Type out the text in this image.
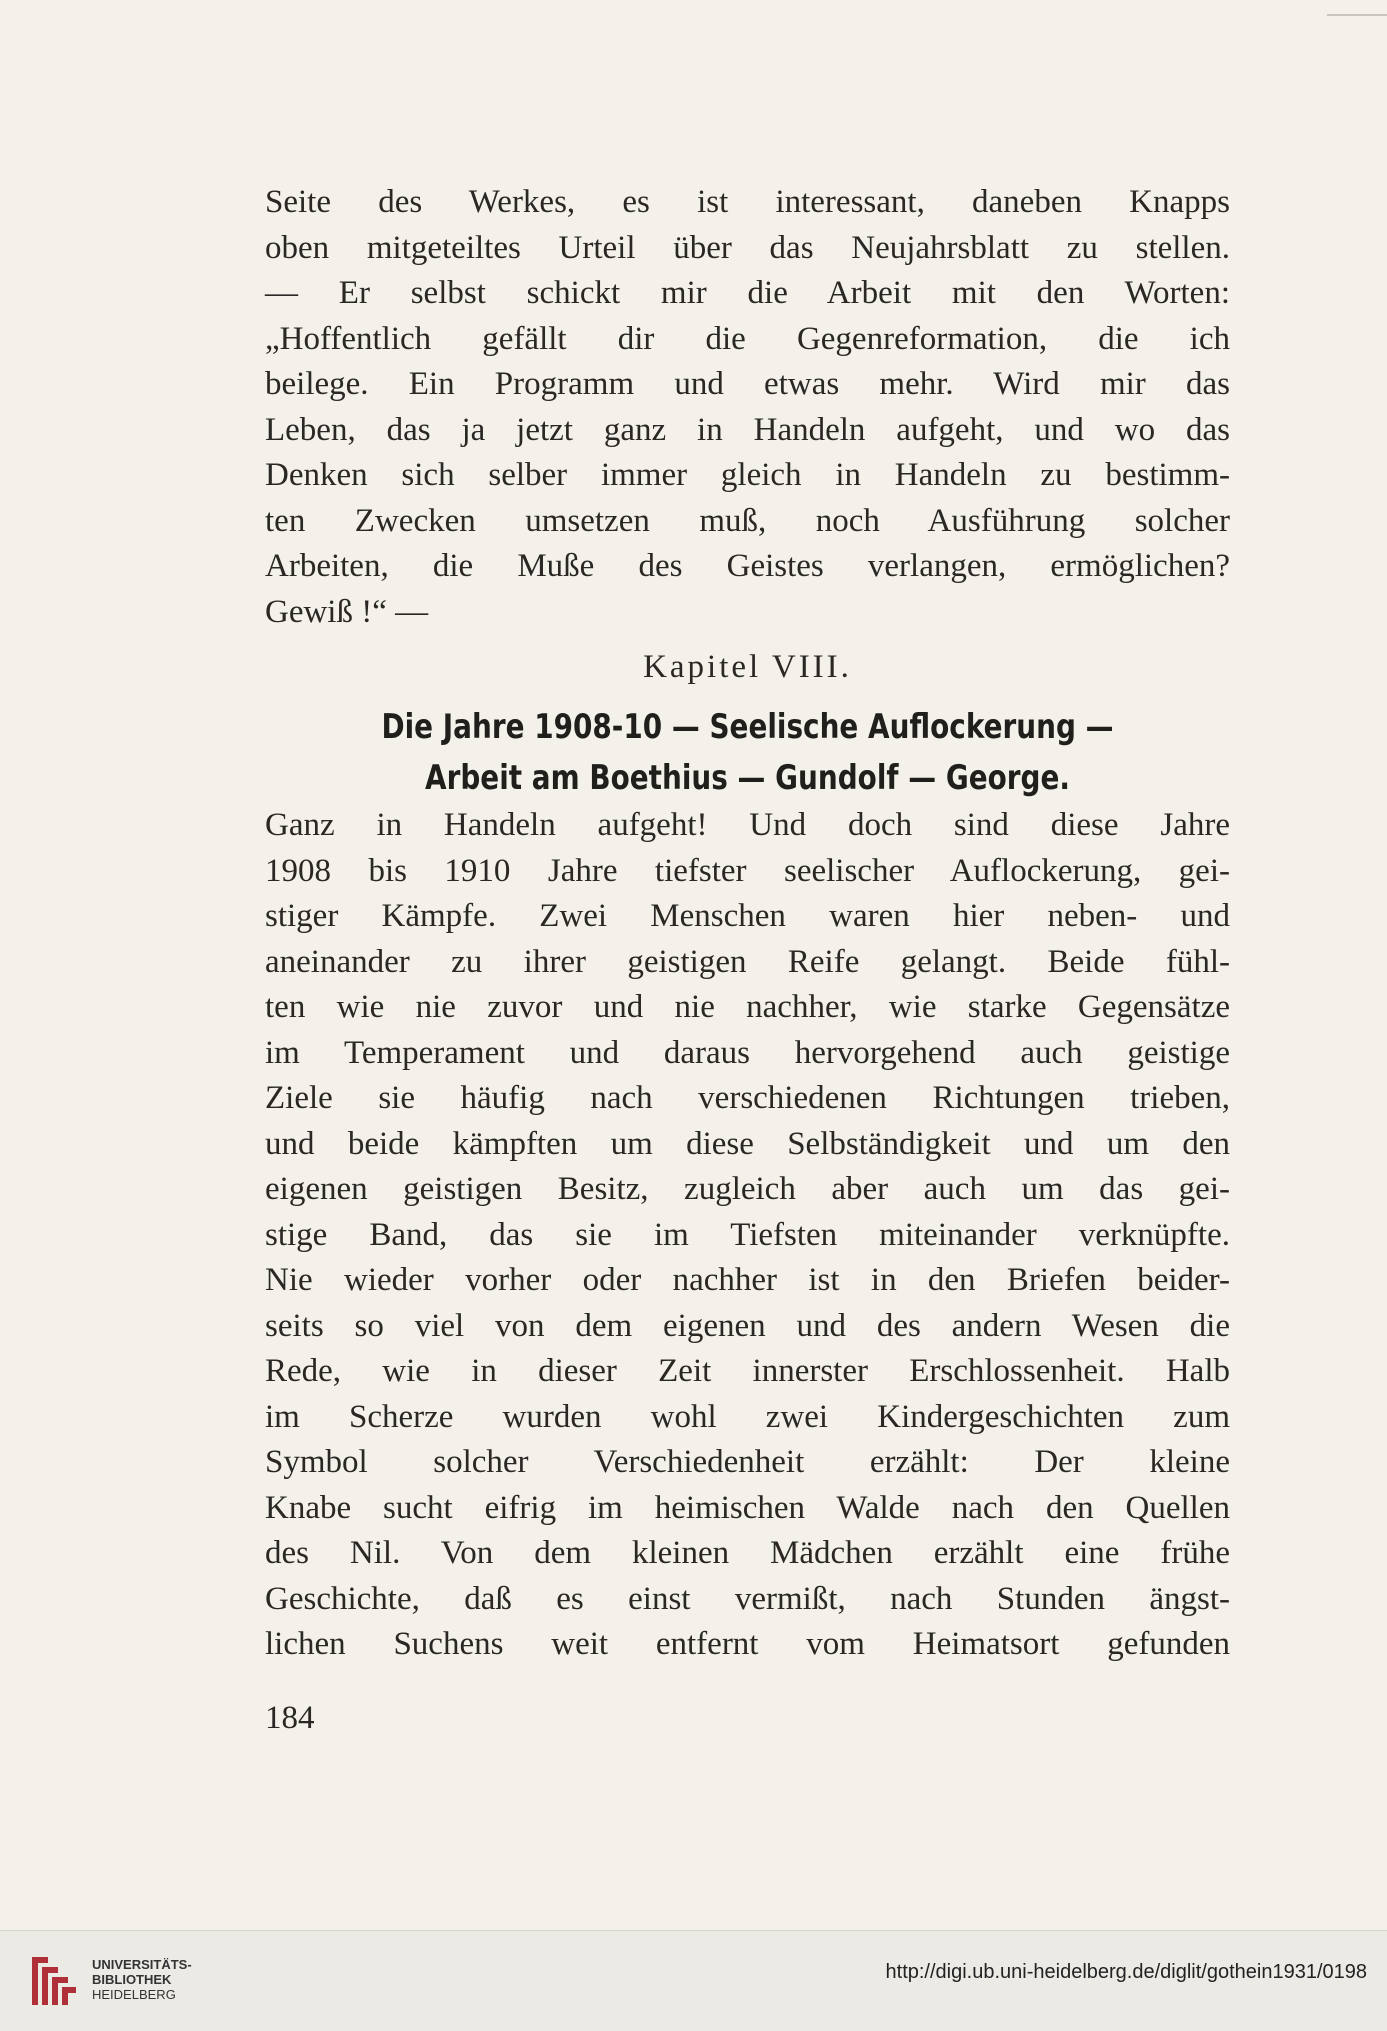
Seite des Werkes, es ist interessant, daneben Knapps
oben mitgeteiltes Urteil über das Neujahrsblatt zu stellen.
— Er selbst schickt mir die Arbeit mit den Worten:
„Hoffentlich gefällt dir die Gegenreformation, die ich
beilege. Ein Programm und etwas mehr. Wird mir das
Leben, das ja jetzt ganz in Handeln aufgeht, und wo das
Denken sich selber immer gleich in Handeln zu bestimm-
ten Zwecken umsetzen muß, noch Ausführung solcher
Arbeiten, die Muße des Geistes verlangen, ermöglichen?
Gewiß !“ —
Kapitel VIII.
Die Jahre 1908-10 — Seelische Auflockerung —
Arbeit am Boethius — Gundolf — George.
Ganz in Handeln aufgeht! Und doch sind diese Jahre
1908 bis 1910 Jahre tiefster seelischer Auflockerung, gei-
stiger Kämpfe. Zwei Menschen waren hier neben- und
aneinander zu ihrer geistigen Reife gelangt. Beide fühl-
ten wie nie zuvor und nie nachher, wie starke Gegensätze
im Temperament und daraus hervorgehend auch geistige
Ziele sie häufig nach verschiedenen Richtungen trieben,
und beide kämpften um diese Selbständigkeit und um den
eigenen geistigen Besitz, zugleich aber auch um das gei-
stige Band, das sie im Tiefsten miteinander verknüpfte.
Nie wieder vorher oder nachher ist in den Briefen beider-
seits so viel von dem eigenen und des andern Wesen die
Rede, wie in dieser Zeit innerster Erschlossenheit. Halb
im Scherze wurden wohl zwei Kindergeschichten zum
Symbol solcher Verschiedenheit erzählt: Der kleine
Knabe sucht eifrig im heimischen Walde nach den Quellen
des Nil. Von dem kleinen Mädchen erzählt eine frühe
Geschichte, daß es einst vermißt, nach Stunden ängst-
lichen Suchens weit entfernt vom Heimatsort gefunden
184
UNIVERSITÄTS-
BIBLIOTHEK
HEIDELBERG
http://digi.ub.uni-heidelberg.de/diglit/gothein1931/0198
